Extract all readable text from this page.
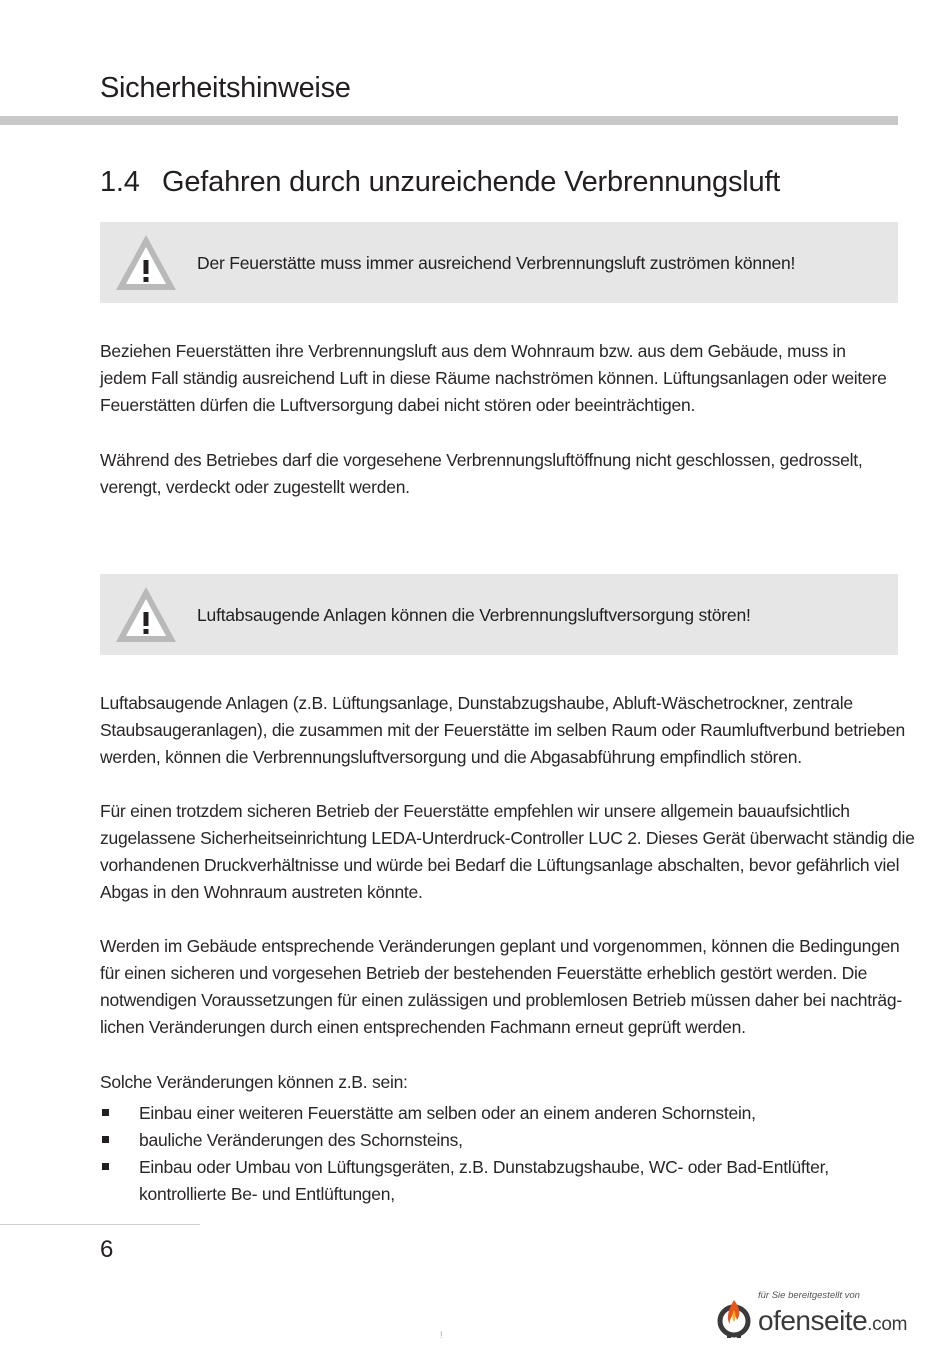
Sicherheitshinweise
1.4 Gefahren durch unzureichende Verbrennungsluft
Der Feuerstätte muss immer ausreichend Verbrennungsluft zuströmen können!
Beziehen Feuerstätten ihre Verbrennungsluft aus dem Wohnraum bzw. aus dem Gebäude, muss in
jedem Fall ständig ausreichend Luft in diese Räume nachströmen können. Lüftungsanlagen oder weitere
Feuerstätten dürfen die Luftversorgung dabei nicht stören oder beeinträchtigen.
Während des Betriebes darf die vorgesehene Verbrennungsluftöffnung nicht geschlossen, gedrosselt,
verengt, verdeckt oder zugestellt werden.
Luftabsaugende Anlagen können die Verbrennungsluftversorgung stören!
Luftabsaugende Anlagen (z.B. Lüftungsanlage, Dunstabzugshaube, Abluft-Wäschetrockner, zentrale
Staubsaugeranlagen), die zusammen mit der Feuerstätte im selben Raum oder Raumluftverbund betrieben
werden, können die Verbrennungsluftversorgung und die Abgasabführung empfindlich stören.
Für einen trotzdem sicheren Betrieb der Feuerstätte empfehlen wir unsere allgemein bauaufsichtlich
zugelassene Sicherheitseinrichtung LEDA-Unterdruck-Controller LUC 2. Dieses Gerät überwacht ständig die
vorhandenen Druckverhältnisse und würde bei Bedarf die Lüftungsanlage abschalten, bevor gefährlich viel
Abgas in den Wohnraum austreten könnte.
Werden im Gebäude entsprechende Veränderungen geplant und vorgenommen, können die Bedingungen
für einen sicheren und vorgesehen Betrieb der bestehenden Feuerstätte erheblich gestört werden. Die
notwendigen Voraussetzungen für einen zulässigen und problemlosen Betrieb müssen daher bei nachträg-
lichen Veränderungen durch einen entsprechenden Fachmann erneut geprüft werden.
Solche Veränderungen können z.B. sein:
Einbau einer weiteren Feuerstätte am selben oder an einem anderen Schornstein,
bauliche Veränderungen des Schornsteins,
Einbau oder Umbau von Lüftungsgeräten, z.B. Dunstabzugshaube, WC- oder Bad-Entlüfter,
kontrollierte Be- und Entlüftungen,
6
!
für Sie bereitgestellt von
ofenseite.com
